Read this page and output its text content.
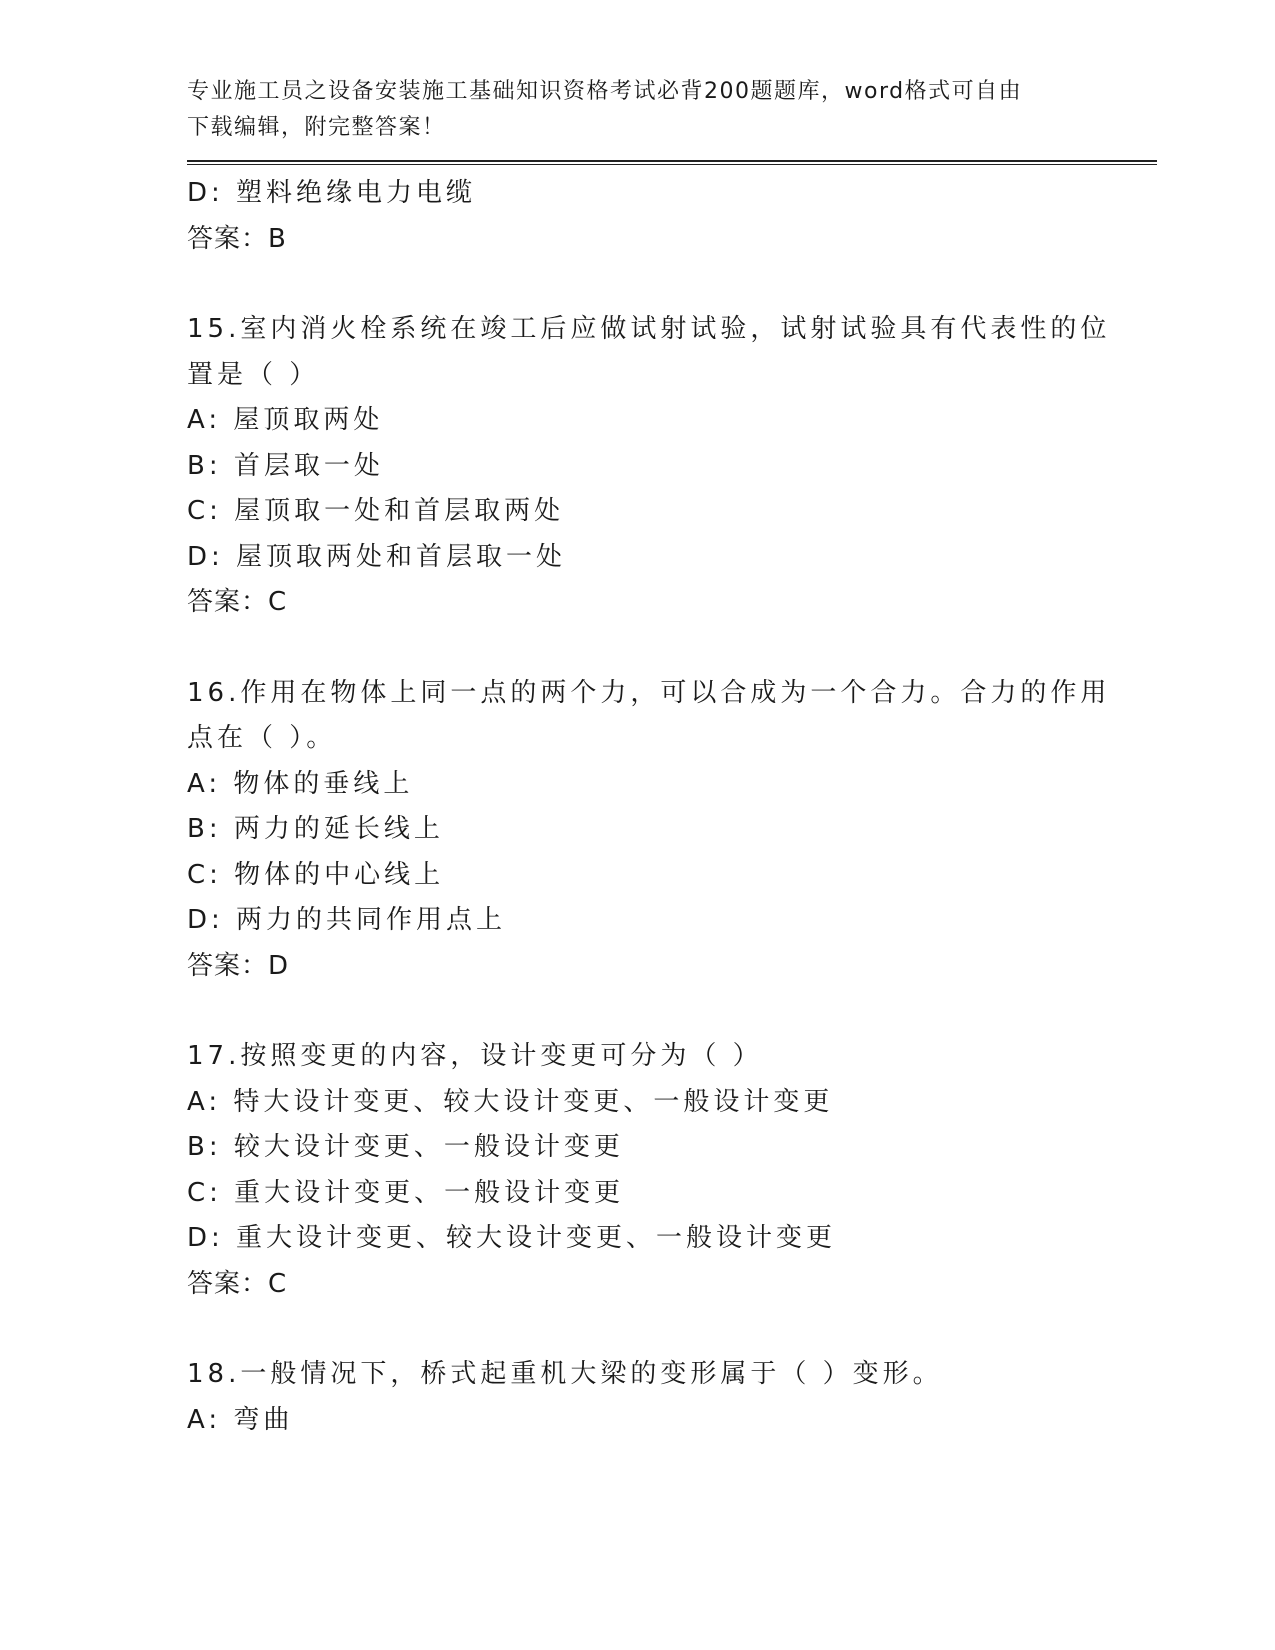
专业施工员之设备安装施工基础知识资格考试必背200题题库，word格式可自由
下载编辑，附完整答案！
D: 塑料绝缘电力电缆
答案：B
15.室内消火栓系统在竣工后应做试射试验，试射试验具有代表性的位
置是（ ）
A: 屋顶取两处
B: 首层取一处
C: 屋顶取一处和首层取两处
D: 屋顶取两处和首层取一处
答案：C
16.作用在物体上同一点的两个力，可以合成为一个合力。合力的作用
点在（ ）。
A: 物体的垂线上
B: 两力的延长线上
C: 物体的中心线上
D: 两力的共同作用点上
答案：D
17.按照变更的内容，设计变更可分为（ ）
A: 特大设计变更、较大设计变更、一般设计变更
B: 较大设计变更、一般设计变更
C: 重大设计变更、一般设计变更
D: 重大设计变更、较大设计变更、一般设计变更
答案：C
18.一般情况下，桥式起重机大梁的变形属于（ ）变形。
A: 弯曲
